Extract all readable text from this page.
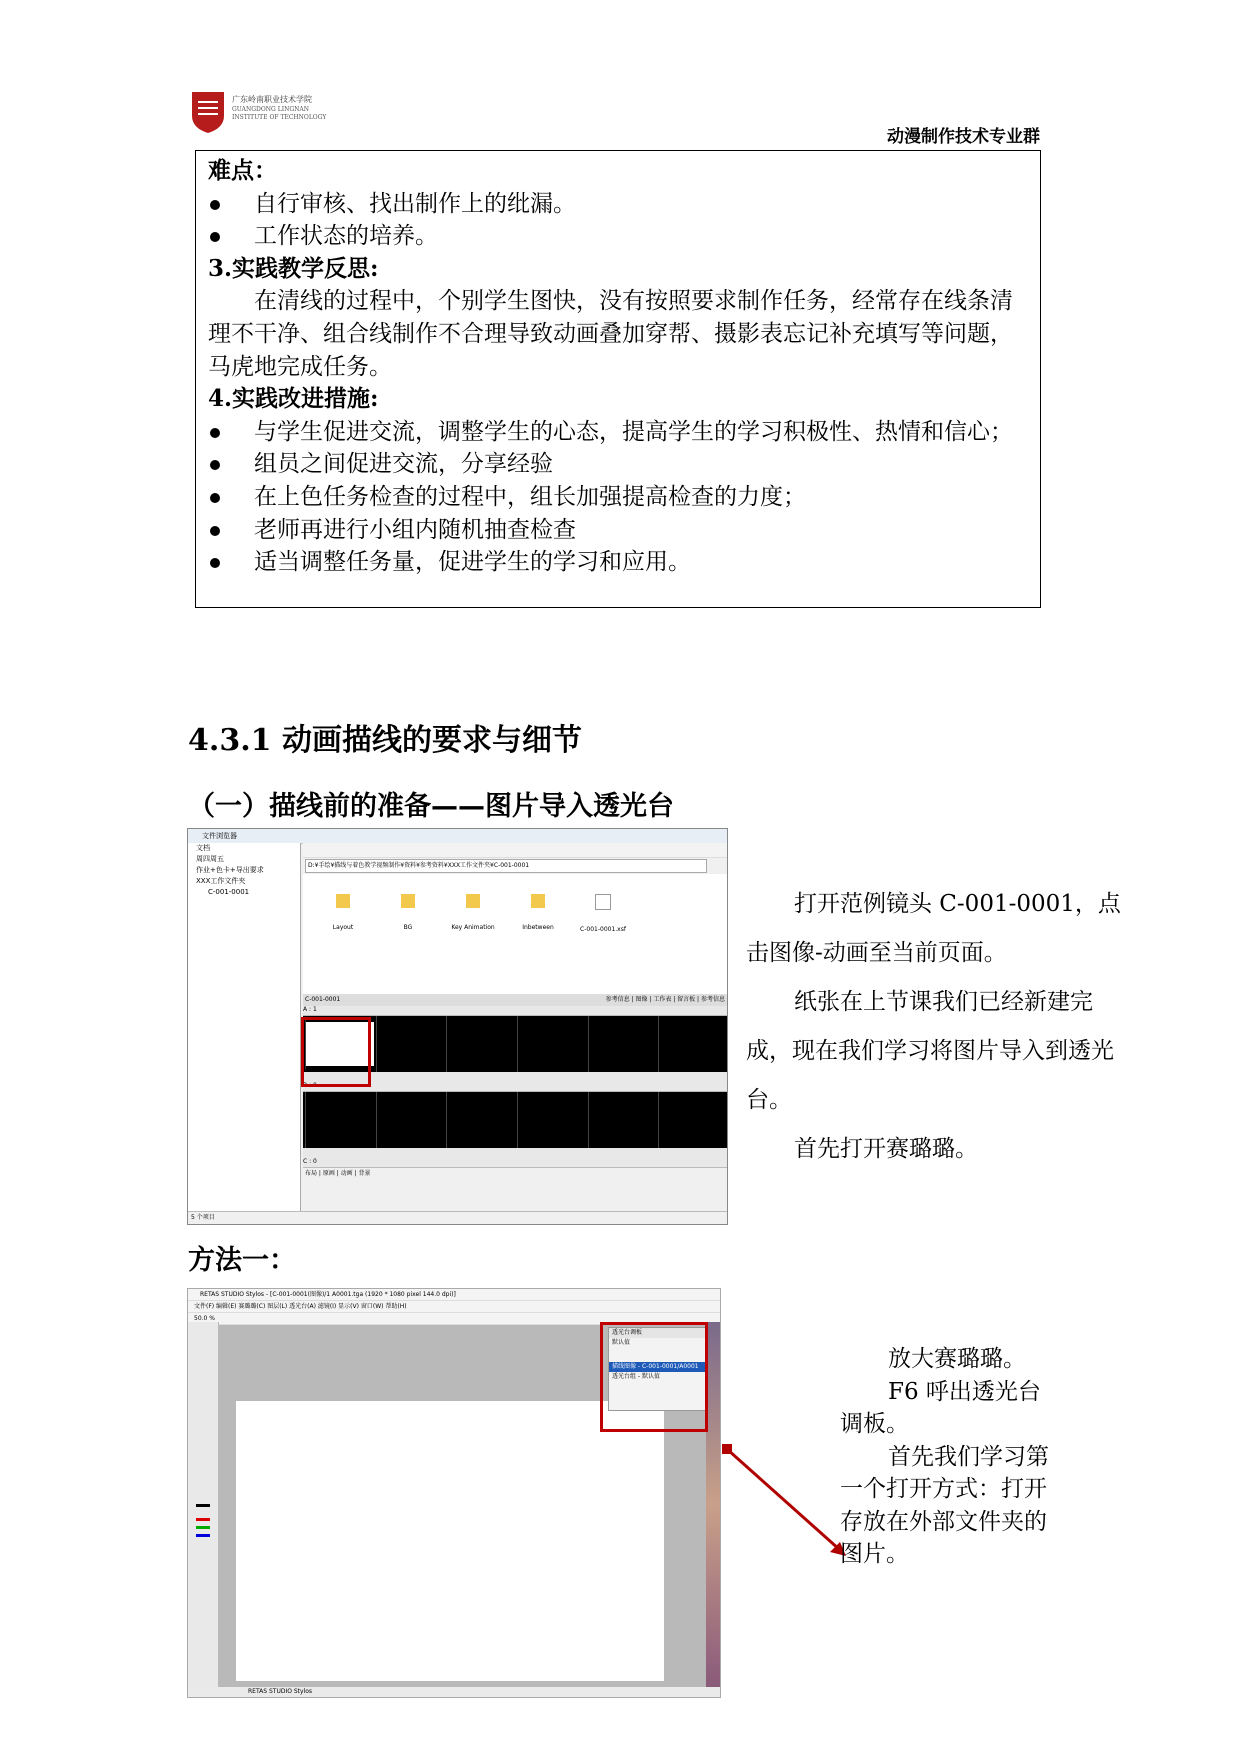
广东岭南职业技术学院
GUANGDONG LINGNAN
INSTITUTE OF TECHNOLOGY
动漫制作技术专业群
难点：
自行审核、找出制作上的纰漏。
工作状态的培养。
3.实践教学反思:
在清线的过程中，个别学生图快，没有按照要求制作任务，经常存在线条清理不干净、组合线制作不合理导致动画叠加穿帮、摄影表忘记补充填写等问题，马虎地完成任务。
4.实践改进措施:
与学生促进交流，调整学生的心态，提高学生的学习积极性、热情和信心；
组员之间促进交流，分享经验
在上色任务检查的过程中，组长加强提高检查的力度；
老师再进行小组内随机抽查检查
适当调整任务量，促进学生的学习和应用。
4.3.1 动画描线的要求与细节
（一）描线前的准备——图片导入透光台
文件浏览器
文档
周四周五
作业+色卡+导出要求
XXX工作文件夹
C-001-0001
D:¥手绘¥描线与着色教学视频制作¥资料¥参考资料¥XXX工作文件夹¥C-001-0001
Layout	BG	Key Animation	Inbetween	C-001-0001.xsf
C-001-0001	参考信息 | 图像 | 工作表 | 留言板 | 参考信息
A : 1
B : 0
C : 0
布局 | 原画 | 动画 | 背景
5 个项目
打开范例镜头 C-001-0001，点击图像-动画至当前页面。
纸张在上节课我们已经新建完成，现在我们学习将图片导入到透光台。
首先打开赛璐璐。
方法一：
RETAS STUDIO Stylos - [C-001-0001(图像)/1 A0001.tga (1920 * 1080 pixel 144.0 dpi)]
文件(F) 编辑(E) 赛璐璐(C) 图层(L) 透光台(A) 滤镜(I) 显示(V) 窗口(W) 帮助(H)
50.0 %
透光台调板
默认值
描线图像 - C-001-0001/A0001
透光台组 - 默认值
RETAS STUDIO Stylos
放大赛璐璐。
F6 呼出透光台调板。
首先我们学习第一个打开方式：打开存放在外部文件夹的图片。
